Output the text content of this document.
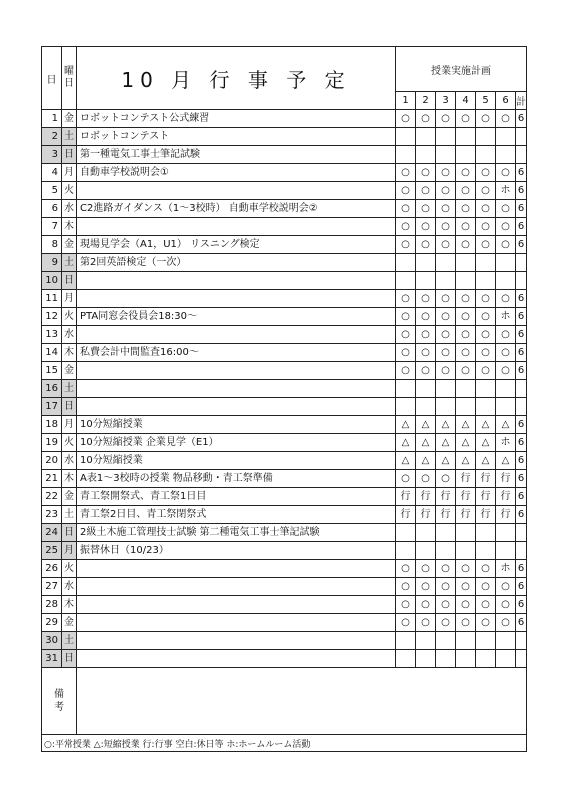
日	曜
日	10 月 行 事 予 定	授業実施計画						
			1	2	3	4	5	6	計
1	金	ロボットコンテスト公式練習	○	○	○	○	○	○	6
2	土	ロボットコンテスト							
3	日	第一種電気工事士筆記試験							
4	月	自動車学校説明会①	○	○	○	○	○	○	6
5	火		○	○	○	○	○	ホ	6
6	水	C2進路ガイダンス（1～3校時） 自動車学校説明会②	○	○	○	○	○	○	6
7	木		○	○	○	○	○	○	6
8	金	現場見学会（A1，U1） リスニング検定	○	○	○	○	○	○	6
9	土	第2回英語検定（一次）							
10	日								
11	月		○	○	○	○	○	○	6
12	火	PTA同窓会役員会18:30～	○	○	○	○	○	ホ	6
13	水		○	○	○	○	○	○	6
14	木	私費会計中間監査16:00～	○	○	○	○	○	○	6
15	金		○	○	○	○	○	○	6
16	土								
17	日								
18	月	10分短縮授業	△	△	△	△	△	△	6
19	火	10分短縮授業 企業見学（E1）	△	△	△	△	△	ホ	6
20	水	10分短縮授業	△	△	△	△	△	△	6
21	木	A表1～3校時の授業 物品移動・青工祭準備	○	○	○	行	行	行	6
22	金	青工祭開祭式、青工祭1日目	行	行	行	行	行	行	6
23	土	青工祭2日目、青工祭閉祭式	行	行	行	行	行	行	6
24	日	2級土木施工管理技士試験 第二種電気工事士筆記試験							
25	月	振替休日（10/23）							
26	火		○	○	○	○	○	ホ	6
27	水		○	○	○	○	○	○	6
28	木		○	○	○	○	○	○	6
29	金		○	○	○	○	○	○	6
30	土								
31	日								
備
考									
○:平常授業 △:短縮授業 行:行事 空白:休日等 ホ:ホームルーム活動									
